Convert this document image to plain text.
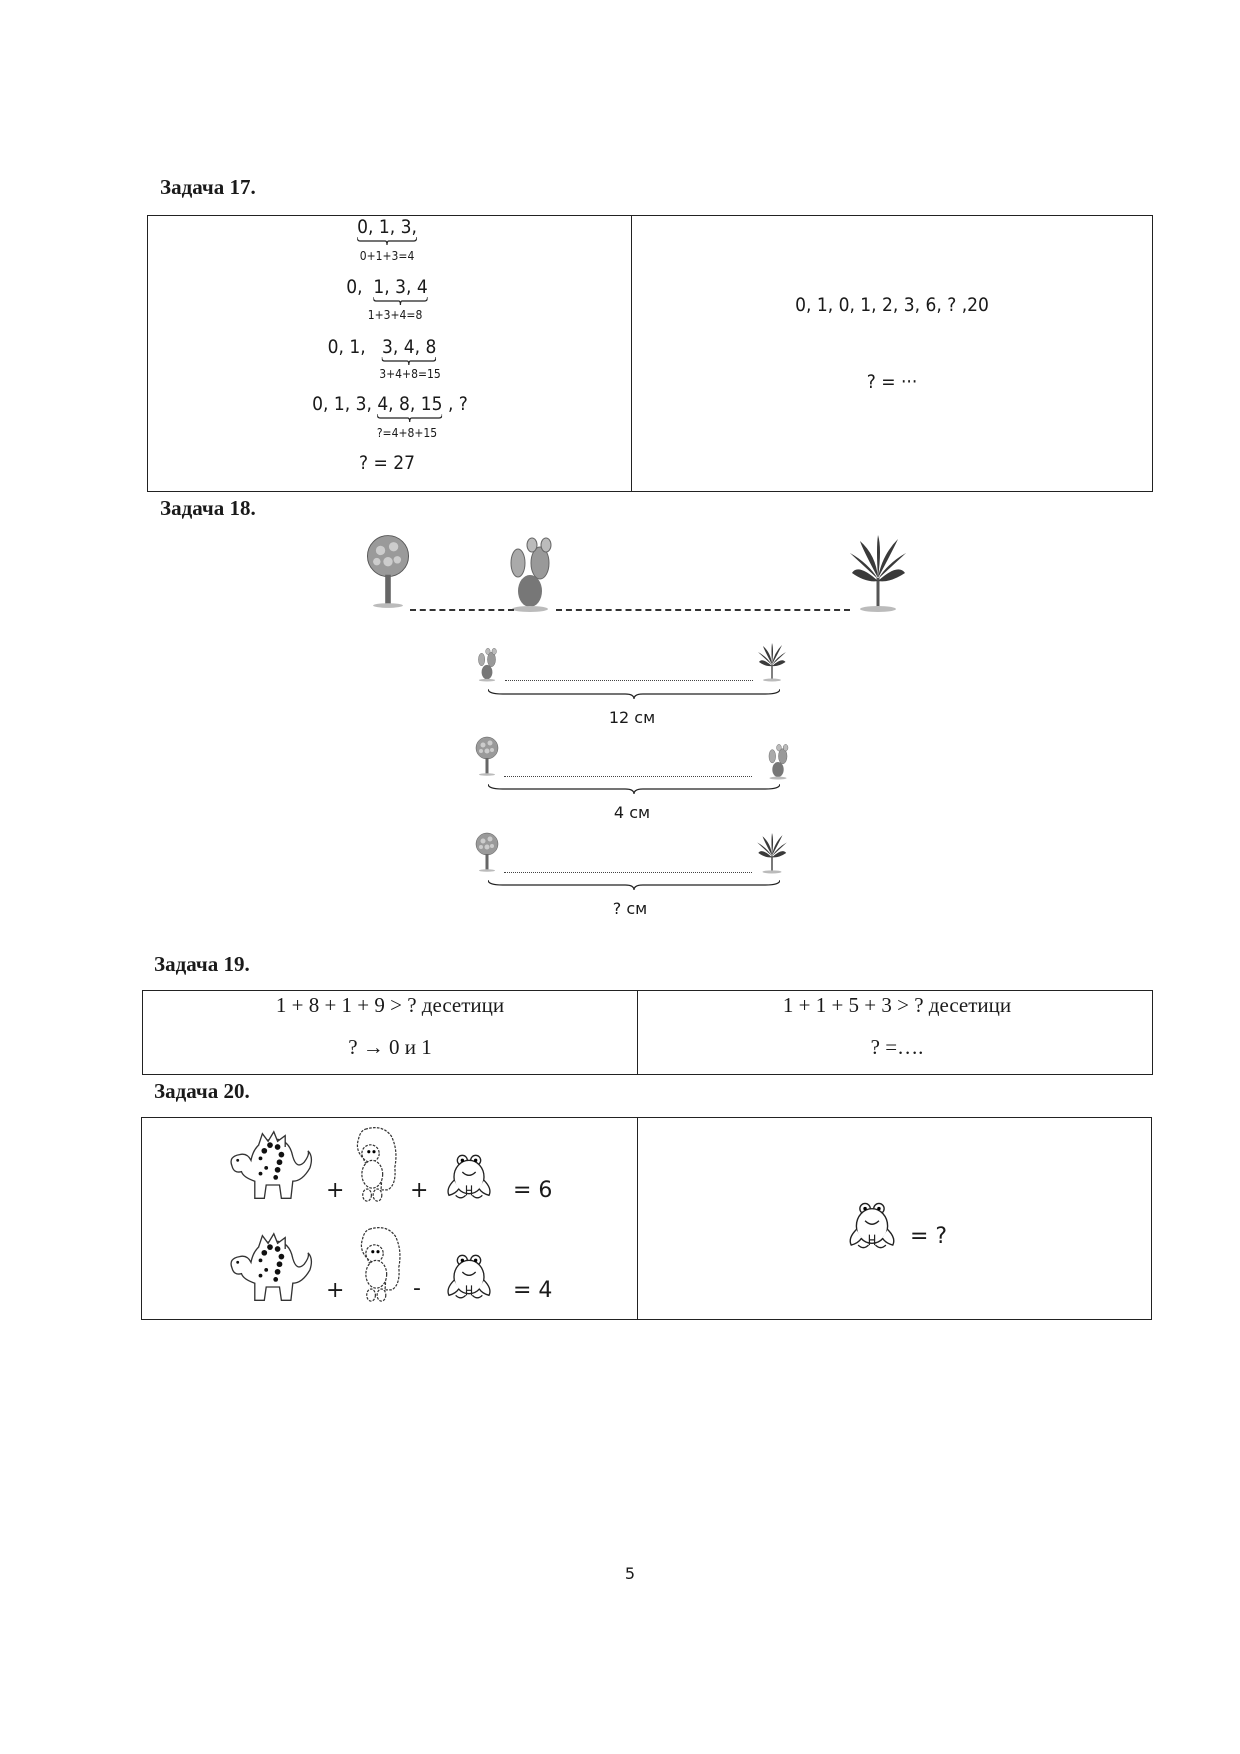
Задача 17.
0, 1, 3,
0+1+3=4
0, 1, 3, 4
1+3+4=8
0, 1, 3, 4, 8
3+4+8=15
0, 1, 3, 4, 8, 15 , ?
?=4+8+15
? = 27
0, 1, 0, 1, 2, 3, 6, ? ,20
? = ···
Задача 18.
12 см
4 см
? см
Задача 19.
1 + 8 + 1 + 9 > ? десетици
? → 0 и 1
1 + 1 + 5 + 3 > ? десетици
? =….
Задача 20.
+	+	= 6
+	-	= 4
= ?
5
